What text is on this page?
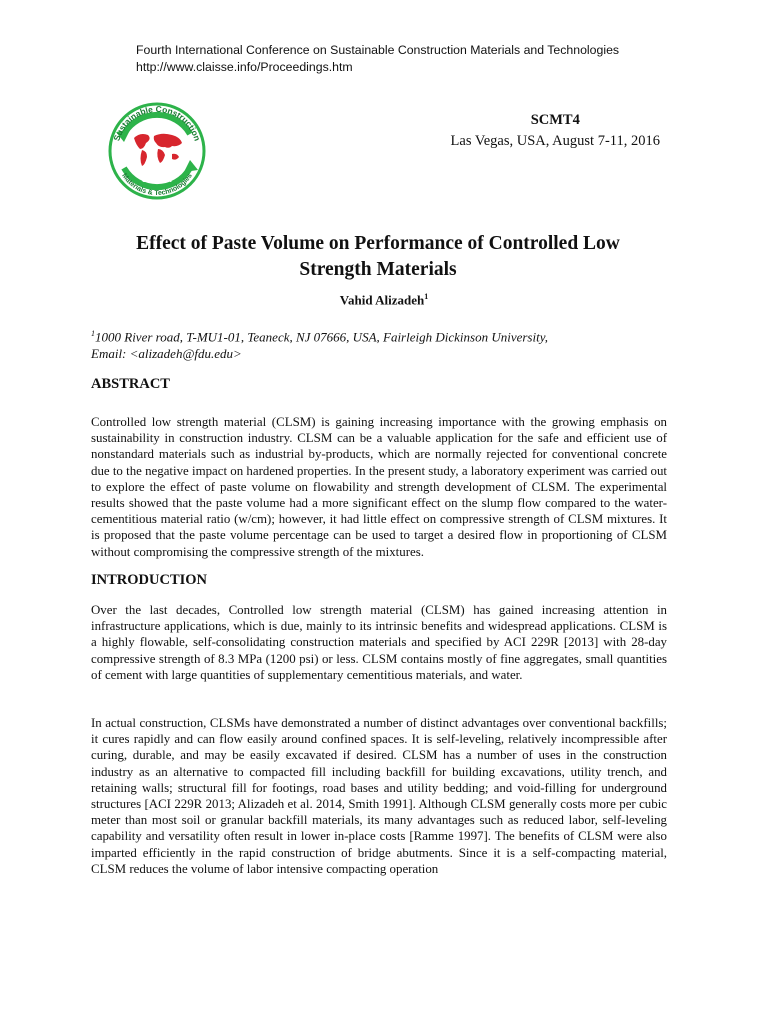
Fourth International Conference on Sustainable Construction Materials and Technologies
http://www.claisse.info/Proceedings.htm
Sustainable Construction
Materials & Technologies
SCMT4
SCMT4
Las Vegas, USA, August 7-11, 2016
Effect of Paste Volume on Performance of Controlled Low Strength Materials
Vahid Alizadeh$^1$
$^1$1000 River road, T-MU1-01, Teaneck, NJ 07666, USA, Fairleigh Dickinson University,
Email: <alizadeh@fdu.edu>
ABSTRACT

Controlled low strength material (CLSM) is gaining increasing importance with the growing emphasis on sustainability in construction industry. CLSM can be a valuable application for the safe and efficient use of nonstandard materials such as industrial by-products, which are normally rejected for conventional concrete due to the negative impact on hardened properties. In the present study, a laboratory experiment was carried out to explore the effect of paste volume on flowability and strength development of CLSM. The experimental results showed that the paste volume had a more significant effect on the slump flow compared to the water-cementitious material ratio (w/cm); however, it had little effect on compressive strength of CLSM mixtures. It is proposed that the paste volume percentage can be used to target a desired flow in proportioning of CLSM without compromising the compressive strength of the mixtures.

INTRODUCTION

Over the last decades, Controlled low strength material (CLSM) has gained increasing attention in infrastructure applications, which is due, mainly to its intrinsic benefits and widespread applications. CLSM is a highly flowable, self-consolidating construction materials and specified by ACI 229R [2013] with 28-day compressive strength of 8.3 MPa (1200 psi) or less. CLSM contains mostly of fine aggregates, small quantities of cement with large quantities of supplementary cementitious materials, and water.

In actual construction, CLSMs have demonstrated a number of distinct advantages over conventional backfills; it cures rapidly and can flow easily around confined spaces. It is self-leveling, relatively incompressible after curing, durable, and may be easily excavated if desired. CLSM has a number of uses in the construction industry as an alternative to compacted fill including backfill for building excavations, utility trench, and retaining walls; structural fill for footings, road bases and utility bedding; and void-filling for underground structures [ACI 229R 2013; Alizadeh et al. 2014, Smith 1991]. Although CLSM generally costs more per cubic meter than most soil or granular backfill materials, its many advantages such as reduced labor, self-leveling capability and versatility often result in lower in-place costs [Ramme 1997]. The benefits of CLSM were also imparted efficiently in the rapid construction of bridge abutments. Since it is a self-compacting material, CLSM reduces the volume of labor intensive compacting operation
